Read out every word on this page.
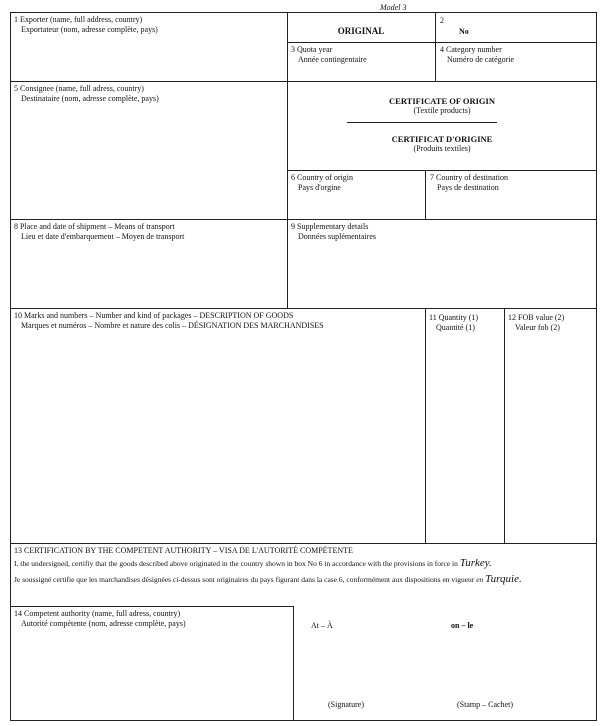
Model 3
1 Exporter (name, full address, country)
Exportateur (nom, adresse complète, pays)	ORIGINAL
2
No
3 Quota year
Année contingentaire
4 Category number
Numéro de catégorie
5 Consignee (name, full adress, country)
Destinataire (nom, adresse complète, pays)	CERTIFICATE OF ORIGIN
(Textile products)
CERTIFICAT D'ORIGINE
(Produits textiles)
6 Country of origin
Pays d'orgine
7 Country of destination
Pays de destination
8 Place and date of shipment – Means of transport
Lieu et date d'embarquement – Moyen de transport
9 Supplementary details
Données suplémentaires
10 Marks and numbers – Number and kind of packages – DESCRIPTION OF GOODS
Marques et numéros – Nombre et nature des colis – DÉSIGNATION DES MARCHANDISES
11 Quantity (1)
Quantité (1)
12 FOB value (2)
Valeur fob (2)
13 CERTIFICATION BY THE COMPETENT AUTHORITY – VISA DE L'AUTORITÉ COMPÉTENTE
I, the undersigned, certifiy that the goods described above originated in the country shown in box No 6 in accordance with the provisions in force in Turkey.
Je soussigné certifie que les marchandises désignées ci-dessus sont originaires du pays figurant dans la case 6, conformément aux dispositions en vigueur en Turquie.
14 Competent authority (name, full adress, country)
Autorité compétente (nom, adresse complète, pays)	At – À	on – le
(Signature)	(Stamp – Cachet)
